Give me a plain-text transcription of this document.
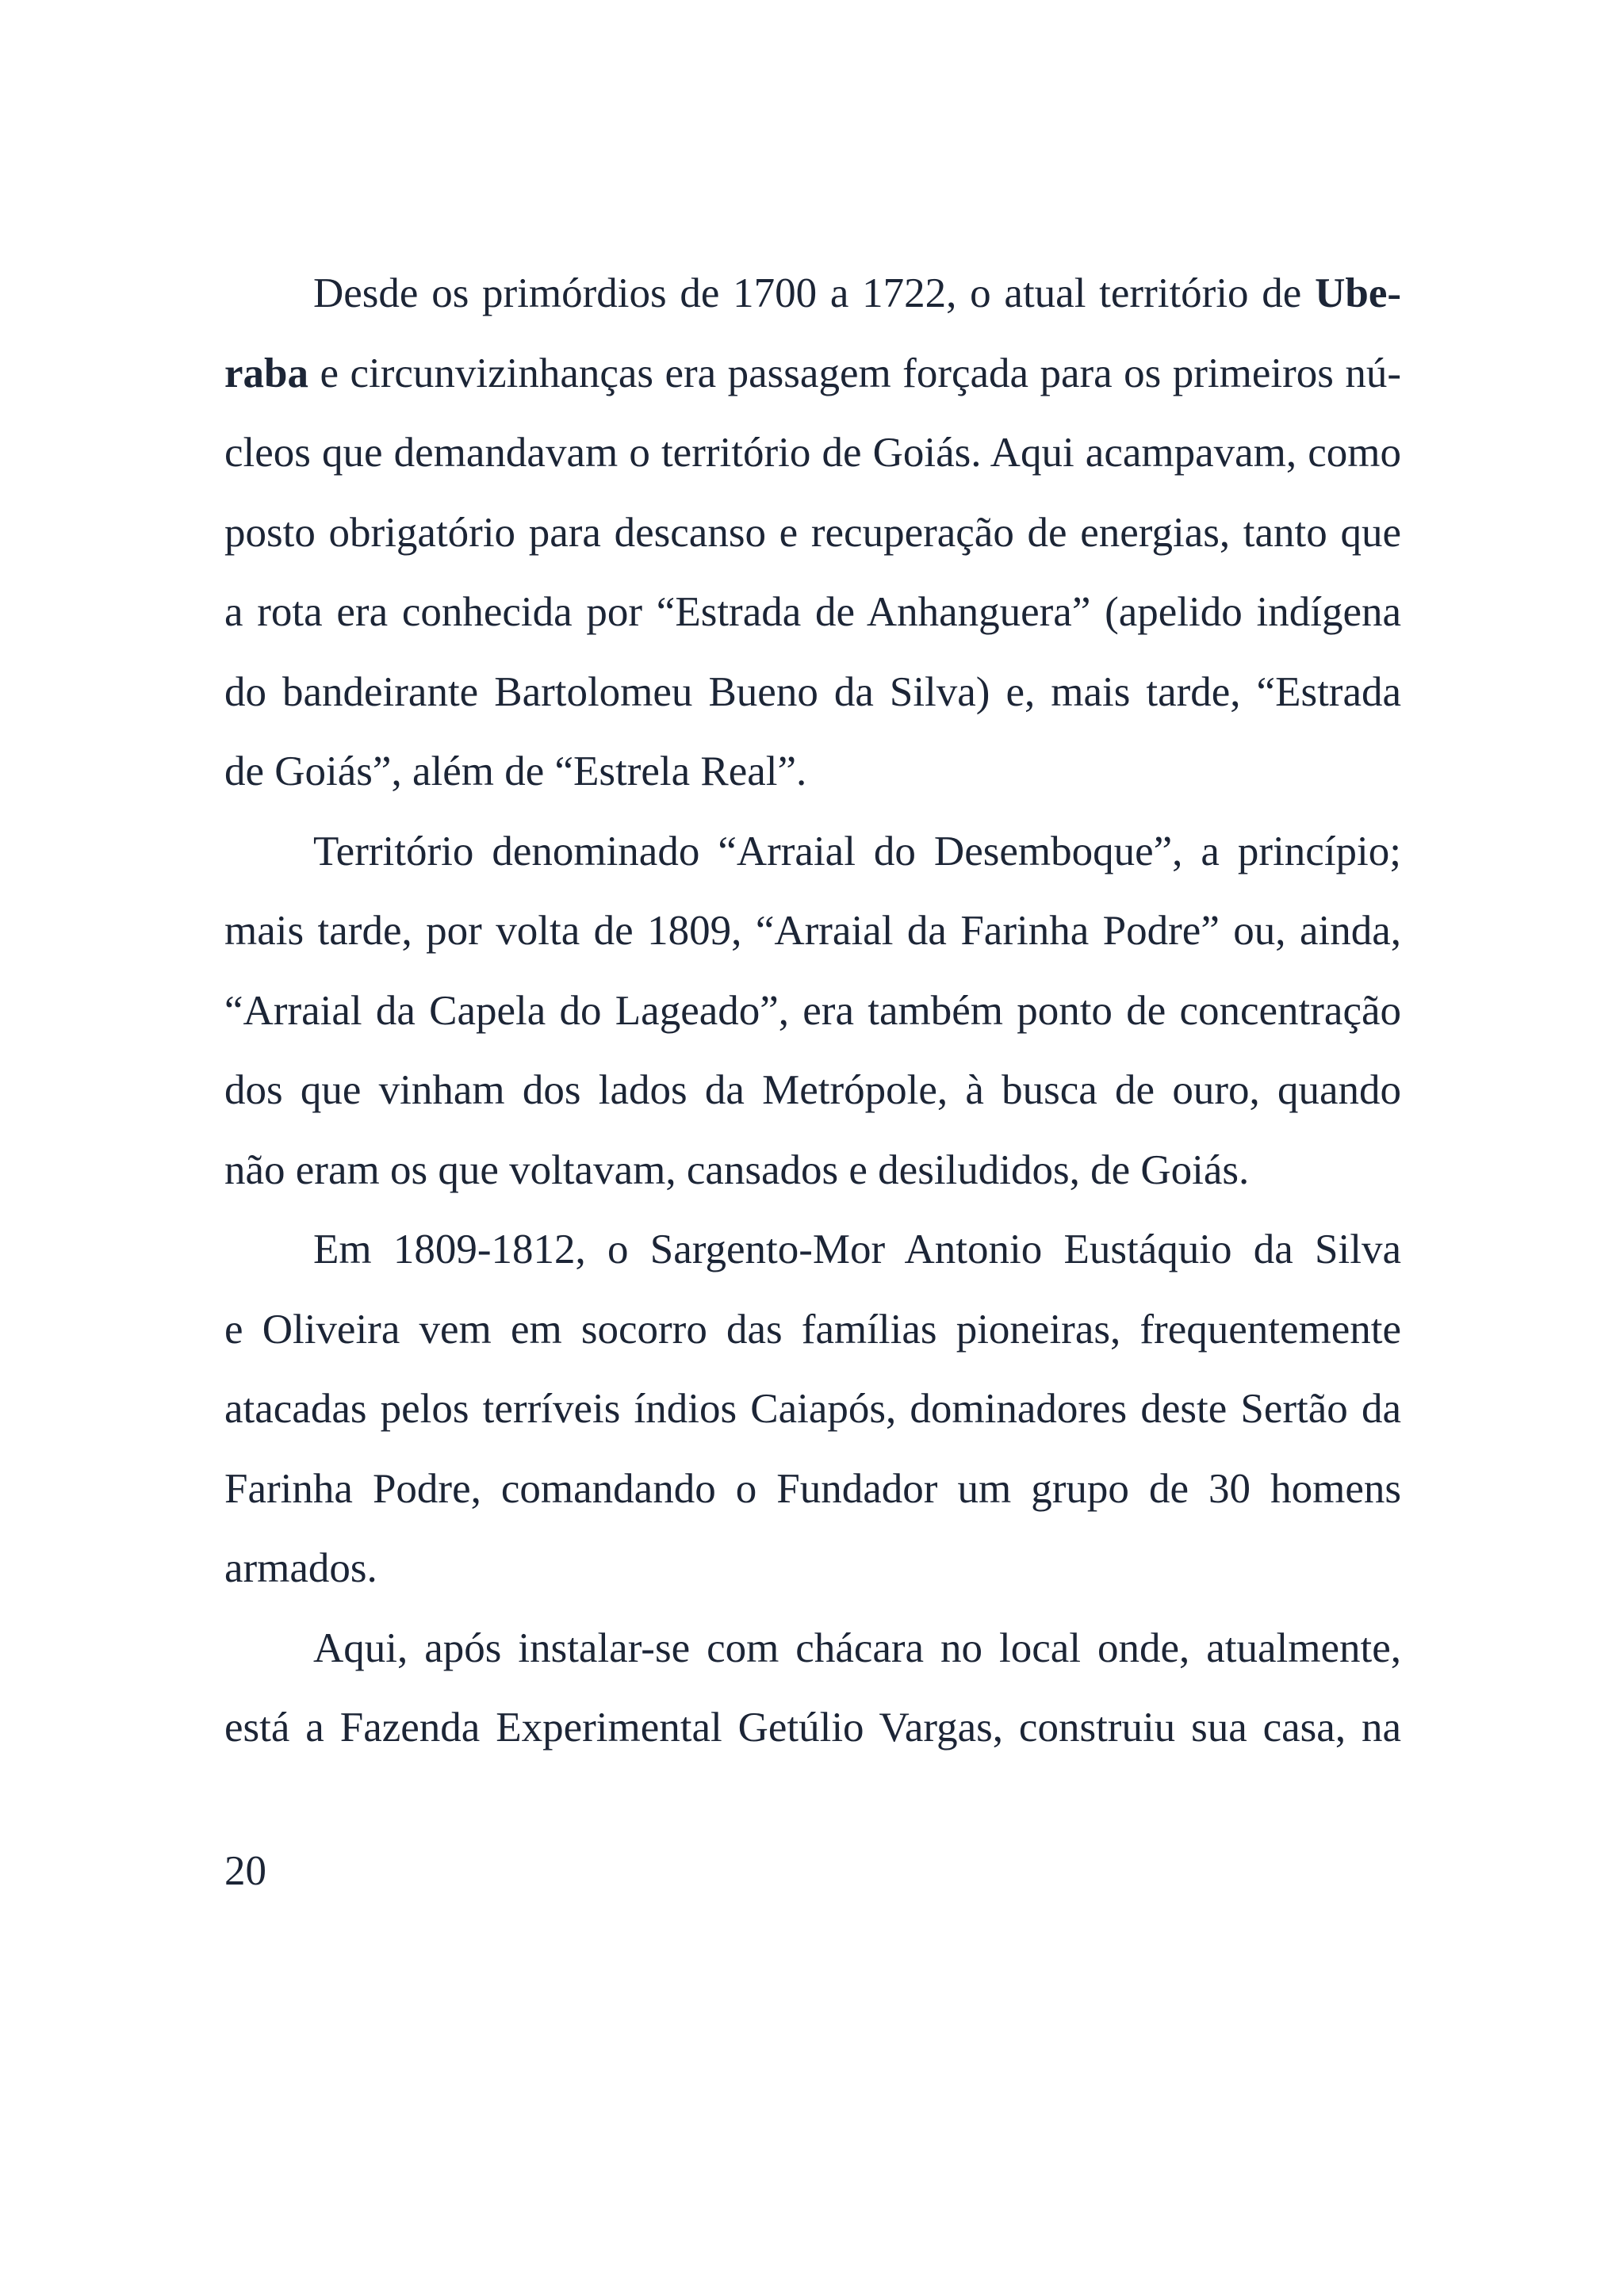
Desde os primórdios de 1700 a 1722, o atual território de Ube-
raba e circunvizinhanças era passagem forçada para os primeiros nú-
cleos que demandavam o território de Goiás. Aqui acampavam, como
posto obrigatório para descanso e recuperação de energias, tanto que
a rota era conhecida por “Estrada de Anhanguera” (apelido indígena
do bandeirante Bartolomeu Bueno da Silva) e, mais tarde, “Estrada
de Goiás”, além de “Estrela Real”.
Território denominado “Arraial do Desemboque”, a princípio;
mais tarde, por volta de 1809, “Arraial da Farinha Podre” ou, ainda,
“Arraial da Capela do Lageado”, era também ponto de concentração
dos que vinham dos lados da Metrópole, à busca de ouro, quando
não eram os que voltavam, cansados e desiludidos, de Goiás.
Em 1809-1812, o Sargento-Mor Antonio Eustáquio da Silva
e Oliveira vem em socorro das famílias pioneiras, frequentemente
atacadas pelos terríveis índios Caiapós, dominadores deste Sertão da
Farinha Podre, comandando o Fundador um grupo de 30 homens
armados.
Aqui, após instalar-se com chácara no local onde, atualmente,
está a Fazenda Experimental Getúlio Vargas, construiu sua casa, na
20
